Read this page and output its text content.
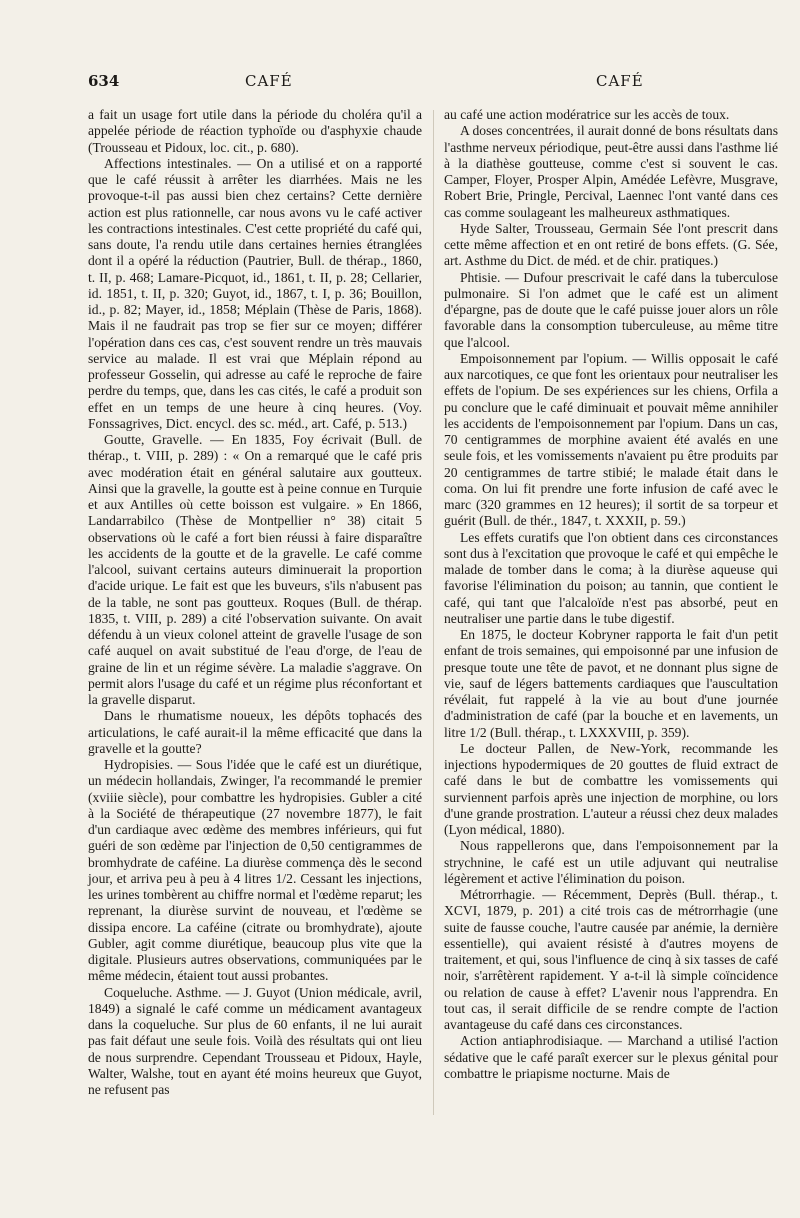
634	CAFÉ	CAFÉ

a fait un usage fort utile dans la période du choléra qu'il a appelée période de réaction typhoïde ou d'asphyxie chaude (Trousseau et Pidoux, loc. cit., p. 680).

Affections intestinales. — On a utilisé et on a rapporté que le café réussit à arrêter les diarrhées. Mais ne les provoque-t-il pas aussi bien chez certains? Cette dernière action est plus rationnelle, car nous avons vu le café activer les contractions intestinales. C'est cette propriété du café qui, sans doute, l'a rendu utile dans certaines hernies étranglées dont il a opéré la réduction (Pautrier, Bull. de thérap., 1860, t. II, p. 468; Lamare-Picquot, id., 1861, t. II, p. 28; Cellarier, id. 1851, t. II, p. 320; Guyot, id., 1867, t. I, p. 36; Bouillon, id., p. 82; Mayer, id., 1858; Méplain (Thèse de Paris, 1868). Mais il ne faudrait pas trop se fier sur ce moyen; différer l'opération dans ces cas, c'est souvent rendre un très mauvais service au malade. Il est vrai que Méplain répond au professeur Gosselin, qui adresse au café le reproche de faire perdre du temps, que, dans les cas cités, le café a produit son effet en un temps de une heure à cinq heures. (Voy. Fonssagrives, Dict. encycl. des sc. méd., art. Café, p. 513.)

Goutte, Gravelle. — En 1835, Foy écrivait (Bull. de thérap., t. VIII, p. 289) : « On a remarqué que le café pris avec modération était en général salutaire aux goutteux. Ainsi que la gravelle, la goutte est à peine connue en Turquie et aux Antilles où cette boisson est vulgaire. » En 1866, Landarrabilco (Thèse de Montpellier n° 38) citait 5 observations où le café a fort bien réussi à faire disparaître les accidents de la goutte et de la gravelle. Le café comme l'alcool, suivant certains auteurs diminuerait la proportion d'acide urique. Le fait est que les buveurs, s'ils n'abusent pas de la table, ne sont pas goutteux. Roques (Bull. de thérap. 1835, t. VIII, p. 289) a cité l'observation suivante. On avait défendu à un vieux colonel atteint de gravelle l'usage de son café auquel on avait substitué de l'eau d'orge, de l'eau de graine de lin et un régime sévère. La maladie s'aggrave. On permit alors l'usage du café et un régime plus réconfortant et la gravelle disparut.

Dans le rhumatisme noueux, les dépôts tophacés des articulations, le café aurait-il la même efficacité que dans la gravelle et la goutte?

Hydropisies. — Sous l'idée que le café est un diurétique, un médecin hollandais, Zwinger, l'a recommandé le premier (xviiie siècle), pour combattre les hydropisies. Gubler a cité à la Société de thérapeutique (27 novembre 1877), le fait d'un cardiaque avec œdème des membres inférieurs, qui fut guéri de son œdème par l'injection de 0,50 centigrammes de bromhydrate de caféine. La diurèse commença dès le second jour, et arriva peu à peu à 4 litres 1/2. Cessant les injections, les urines tombèrent au chiffre normal et l'œdème reparut; les reprenant, la diurèse survint de nouveau, et l'œdème se dissipa encore. La caféine (citrate ou bromhydrate), ajoute Gubler, agit comme diurétique, beaucoup plus vite que la digitale. Plusieurs autres observations, communiquées par le même médecin, étaient tout aussi probantes.

Coqueluche. Asthme. — J. Guyot (Union médicale, avril, 1849) a signalé le café comme un médicament avantageux dans la coqueluche. Sur plus de 60 enfants, il ne lui aurait pas fait défaut une seule fois. Voilà des résultats qui ont lieu de nous surprendre. Cependant Trousseau et Pidoux, Hayle, Walter, Walshe, tout en ayant été moins heureux que Guyot, ne refusent pas

au café une action modératrice sur les accès de toux.

A doses concentrées, il aurait donné de bons résultats dans l'asthme nerveux périodique, peut-être aussi dans l'asthme lié à la diathèse goutteuse, comme c'est si souvent le cas. Camper, Floyer, Prosper Alpin, Amédée Lefèvre, Musgrave, Robert Brie, Pringle, Percival, Laennec l'ont vanté dans ces cas comme soulageant les malheureux asthmatiques.

Hyde Salter, Trousseau, Germain Sée l'ont prescrit dans cette même affection et en ont retiré de bons effets. (G. Sée, art. Asthme du Dict. de méd. et de chir. pratiques.)

Phtisie. — Dufour prescrivait le café dans la tuberculose pulmonaire. Si l'on admet que le café est un aliment d'épargne, pas de doute que le café puisse jouer alors un rôle favorable dans la consomption tuberculeuse, au même titre que l'alcool.

Empoisonnement par l'opium. — Willis opposait le café aux narcotiques, ce que font les orientaux pour neutraliser les effets de l'opium. De ses expériences sur les chiens, Orfila a pu conclure que le café diminuait et pouvait même annihiler les accidents de l'empoisonnement par l'opium. Dans un cas, 70 centigrammes de morphine avaient été avalés en une seule fois, et les vomissements n'avaient pu être produits par 20 centigrammes de tartre stibié; le malade était dans le coma. On lui fit prendre une forte infusion de café avec le marc (320 grammes en 12 heures); il sortit de sa torpeur et guérit (Bull. de thér., 1847, t. XXXII, p. 59.)

Les effets curatifs que l'on obtient dans ces circonstances sont dus à l'excitation que provoque le café et qui empêche le malade de tomber dans le coma; à la diurèse aqueuse qui favorise l'élimination du poison; au tannin, que contient le café, qui tant que l'alcaloïde n'est pas absorbé, peut en neutraliser une partie dans le tube digestif.

En 1875, le docteur Kobryner rapporta le fait d'un petit enfant de trois semaines, qui empoisonné par une infusion de presque toute une tête de pavot, et ne donnant plus signe de vie, sauf de légers battements cardiaques que l'auscultation révélait, fut rappelé à la vie au bout d'une journée d'administration de café (par la bouche et en lavements, un litre 1/2 (Bull. thérap., t. LXXXVIII, p. 359).

Le docteur Pallen, de New-York, recommande les injections hypodermiques de 20 gouttes de fluid extract de café dans le but de combattre les vomissements qui surviennent parfois après une injection de morphine, ou lors d'une grande prostration. L'auteur a réussi chez deux malades (Lyon médical, 1880).

Nous rappellerons que, dans l'empoisonnement par la strychnine, le café est un utile adjuvant qui neutralise légèrement et active l'élimination du poison.

Métrorrhagie. — Récemment, Deprès (Bull. thérap., t. XCVI, 1879, p. 201) a cité trois cas de métrorrhagie (une suite de fausse couche, l'autre causée par anémie, la dernière essentielle), qui avaient résisté à d'autres moyens de traitement, et qui, sous l'influence de cinq à six tasses de café noir, s'arrêtèrent rapidement. Y a-t-il là simple coïncidence ou relation de cause à effet? L'avenir nous l'apprendra. En tout cas, il serait difficile de se rendre compte de l'action avantageuse du café dans ces circonstances.

Action antiaphrodisiaque. — Marchand a utilisé l'action sédative que le café paraît exercer sur le plexus génital pour combattre le priapisme nocturne. Mais de
